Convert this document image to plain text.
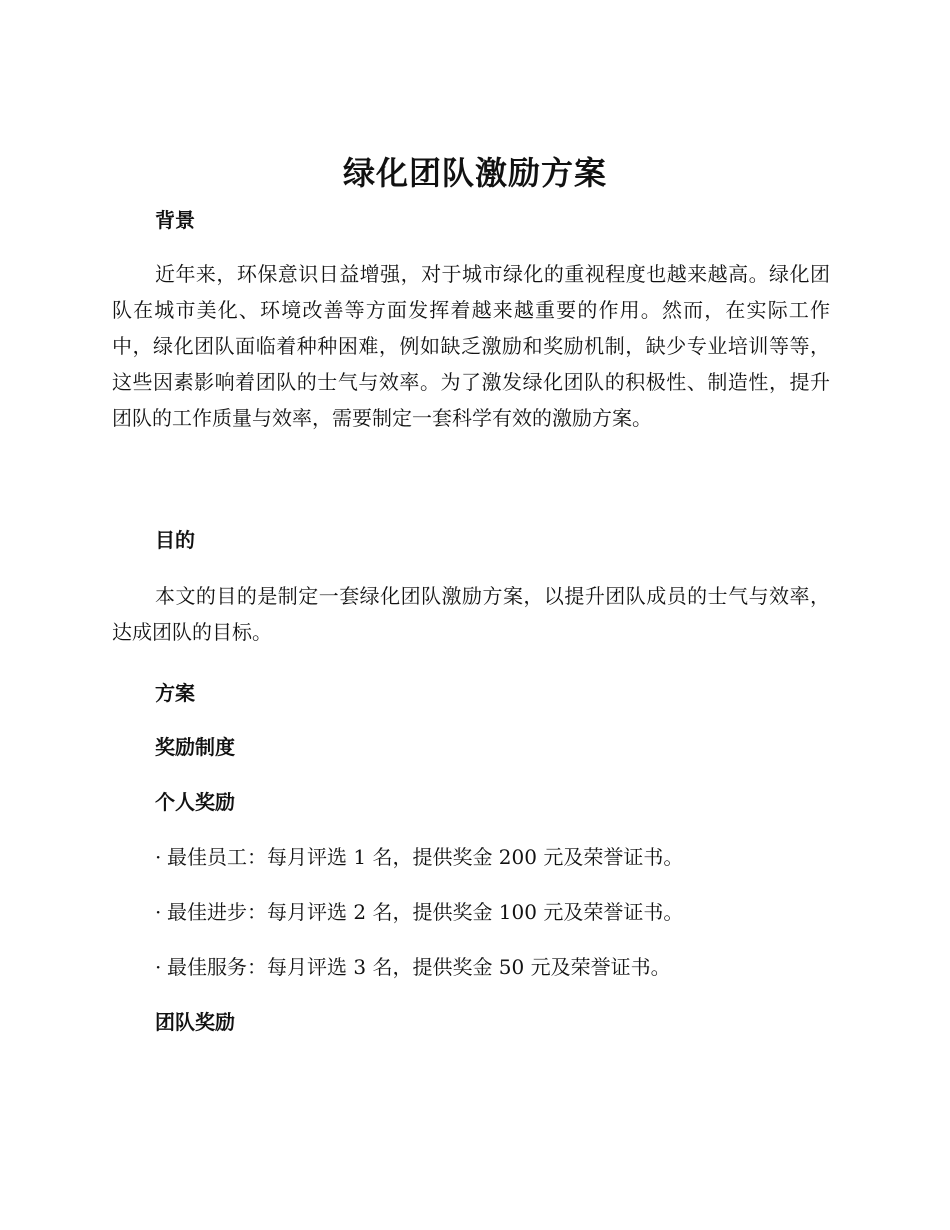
绿化团队激励方案
背景

近年来，环保意识日益增强，对于城市绿化的重视程度也越来越高。绿化团队在城市美化、环境改善等方面发挥着越来越重要的作用。然而，在实际工作中，绿化团队面临着种种困难，例如缺乏激励和奖励机制，缺少专业培训等等，这些因素影响着团队的士气与效率。为了激发绿化团队的积极性、制造性，提升团队的工作质量与效率，需要制定一套科学有效的激励方案。

目的

本文的目的是制定一套绿化团队激励方案，以提升团队成员的士气与效率，达成团队的目标。

方案
奖励制度
个人奖励

· 最佳员工：每月评选 1 名，提供奖金 200 元及荣誉证书。

· 最佳进步：每月评选 2 名，提供奖金 100 元及荣誉证书。

· 最佳服务：每月评选 3 名，提供奖金 50 元及荣誉证书。

团队奖励
